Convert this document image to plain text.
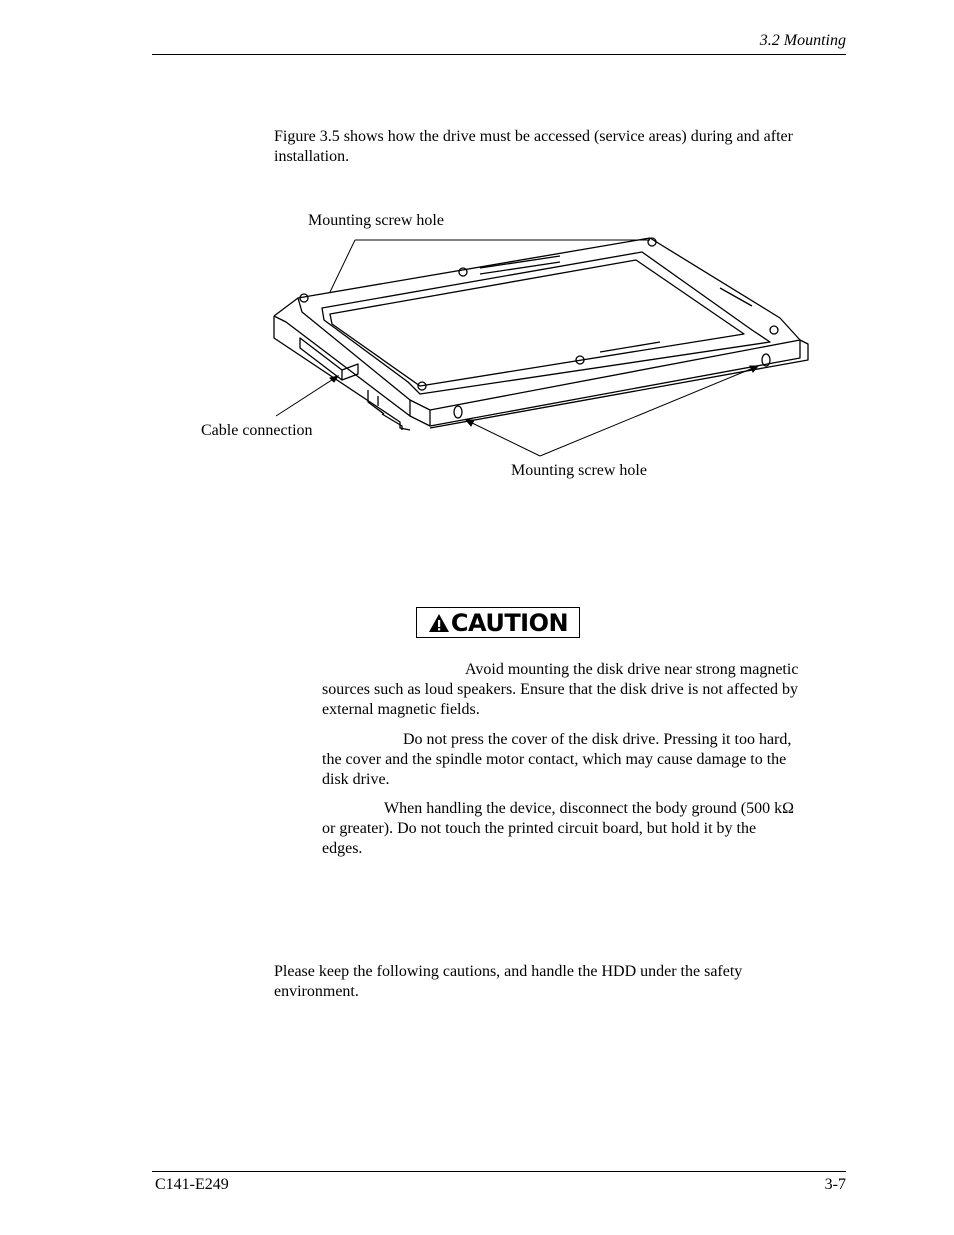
3.2 Mounting
Figure 3.5 shows how the drive must be accessed (service areas) during and after installation.
Mounting screw hole
Cable connection
Mounting screw hole
CAUTION
Avoid mounting the disk drive near strong magnetic sources such as loud speakers. Ensure that the disk drive is not affected by external magnetic fields.
Do not press the cover of the disk drive. Pressing it too hard, the cover and the spindle motor contact, which may cause damage to the disk drive.
When handling the device, disconnect the body ground (500 kΩ or greater). Do not touch the printed circuit board, but hold it by the edges.
Please keep the following cautions, and handle the HDD under the safety environment.
C141-E249	3-7
